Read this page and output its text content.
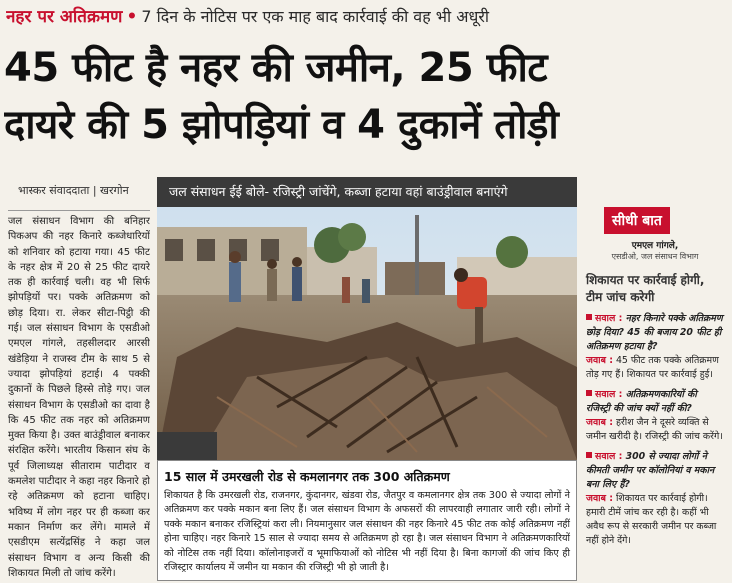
नहर पर अतिक्रमण • 7 दिन के नोटिस पर एक माह बाद कार्रवाई की वह भी अधूरी
45 फीट है नहर की जमीन, 25 फीट
दायरे की 5 झोपड़ियां व 4 दुकानें तोड़ी
भास्कर संवाददाता | खरगोन

जल संसाधन विभाग की बनिहार पिकअप की नहर किनारे कब्जेधारियों को शनिवार को हटाया गया। 45 फीट के नहर क्षेत्र में 20 से 25 फीट दायरे तक ही कार्रवाई चली। वह भी सिर्फ झोपड़ियों पर। पक्के अतिक्रमण को छोड़ दिया। रा. लेकर सीटा-पिट्ठी की गई। जल संसाधन विभाग के एसडीओ एमएल गांगले, तहसीलदार आरसी खंडेड़िया ने राजस्व टीम के साथ 5 से ज्यादा झोपड़ियां हटाई। 4 पक्की दुकानों के पिछले हिस्से तोड़े गए। जल संसाधन विभाग के एसडीओ का दावा है कि 45 फीट तक नहर को अतिक्रमण मुक्त किया है। उक्त बाउंड्रीवाल बनाकर संरक्षित करेंगे। भारतीय किसान संघ के पूर्व जिलाध्यक्ष सीताराम पाटीदार व कमलेश पाटीदार ने कहा नहर किनारे हो रहे अतिक्रमण को हटाना चाहिए। भविष्य में लोग नहर पर ही कब्जा कर मकान निर्माण कर लेंगे। मामले में एसडीएम सत्येंद्रसिंह ने कहा जल संसाधन विभाग व अन्य किसी की शिकायत मिली तो जांच करेंगे।

जल संसाधन ईई बोले- रजिस्ट्री जांचेंगे, कब्जा हटाया वहां बाउंड्रीवाल बनाएंगे
15 साल में उमरखली रोड से कमलानगर तक 300 अतिक्रमण
शिकायत है कि उमरखली रोड, राजनगर, कुंदानगर, खंडवा रोड, जैतपुर व कमलानगर क्षेत्र तक 300 से ज्यादा लोगों ने अतिक्रमण कर पक्के मकान बना लिए हैं। जल संसाधन विभाग के अफसरों की लापरवाही लगातार जारी रही। लोगों ने पक्के मकान बनाकर रजिस्ट्रियां करा ली। नियमानुसार जल संसाधन की नहर किनारे 45 फीट तक कोई अतिक्रमण नहीं होना चाहिए। नहर किनारे 15 साल से ज्यादा समय से अतिक्रमण हो रहा है। जल संसाधन विभाग ने अतिक्रमणकारियों को नोटिस तक नहीं दिया। कॉलोनाइजरों व भूमाफियाओं को नोटिस भी नहीं दिया है। बिना कागजों की जांच किए ही रजिस्ट्रार कार्यालय में जमीन या मकान की रजिस्ट्री भी हो जाती है।
सीधी बात
एमएल गांगले,
एसडीओ, जल संसाधन विभाग
शिकायत पर कार्रवाई होगी, टीम जांच करेगी
सवाल : नहर किनारे पक्के अतिक्रमण छोड़ दिया? 45 की बजाय 20 फीट ही अतिक्रमण हटाया है?
जवाब : 45 फीट तक पक्के अतिक्रमण तोड़ गए हैं। शिकायत पर कार्रवाई हुई।
सवाल : अतिक्रमणकारियों की रजिस्ट्री की जांच क्यों नहीं की?
जवाब : हरीश जैन ने दूसरे व्यक्ति से जमीन खरीदी है। रजिस्ट्री की जांच करेंगे।
सवाल : 300 से ज्यादा लोगों ने कीमती जमीन पर कॉलोनियां व मकान बना लिए हैं?
जवाब : शिकायत पर कार्रवाई होगी। हमारी टीमें जांच कर रही है। कहीं भी अवैध रूप से सरकारी जमीन पर कब्जा नहीं होने देंगे।
